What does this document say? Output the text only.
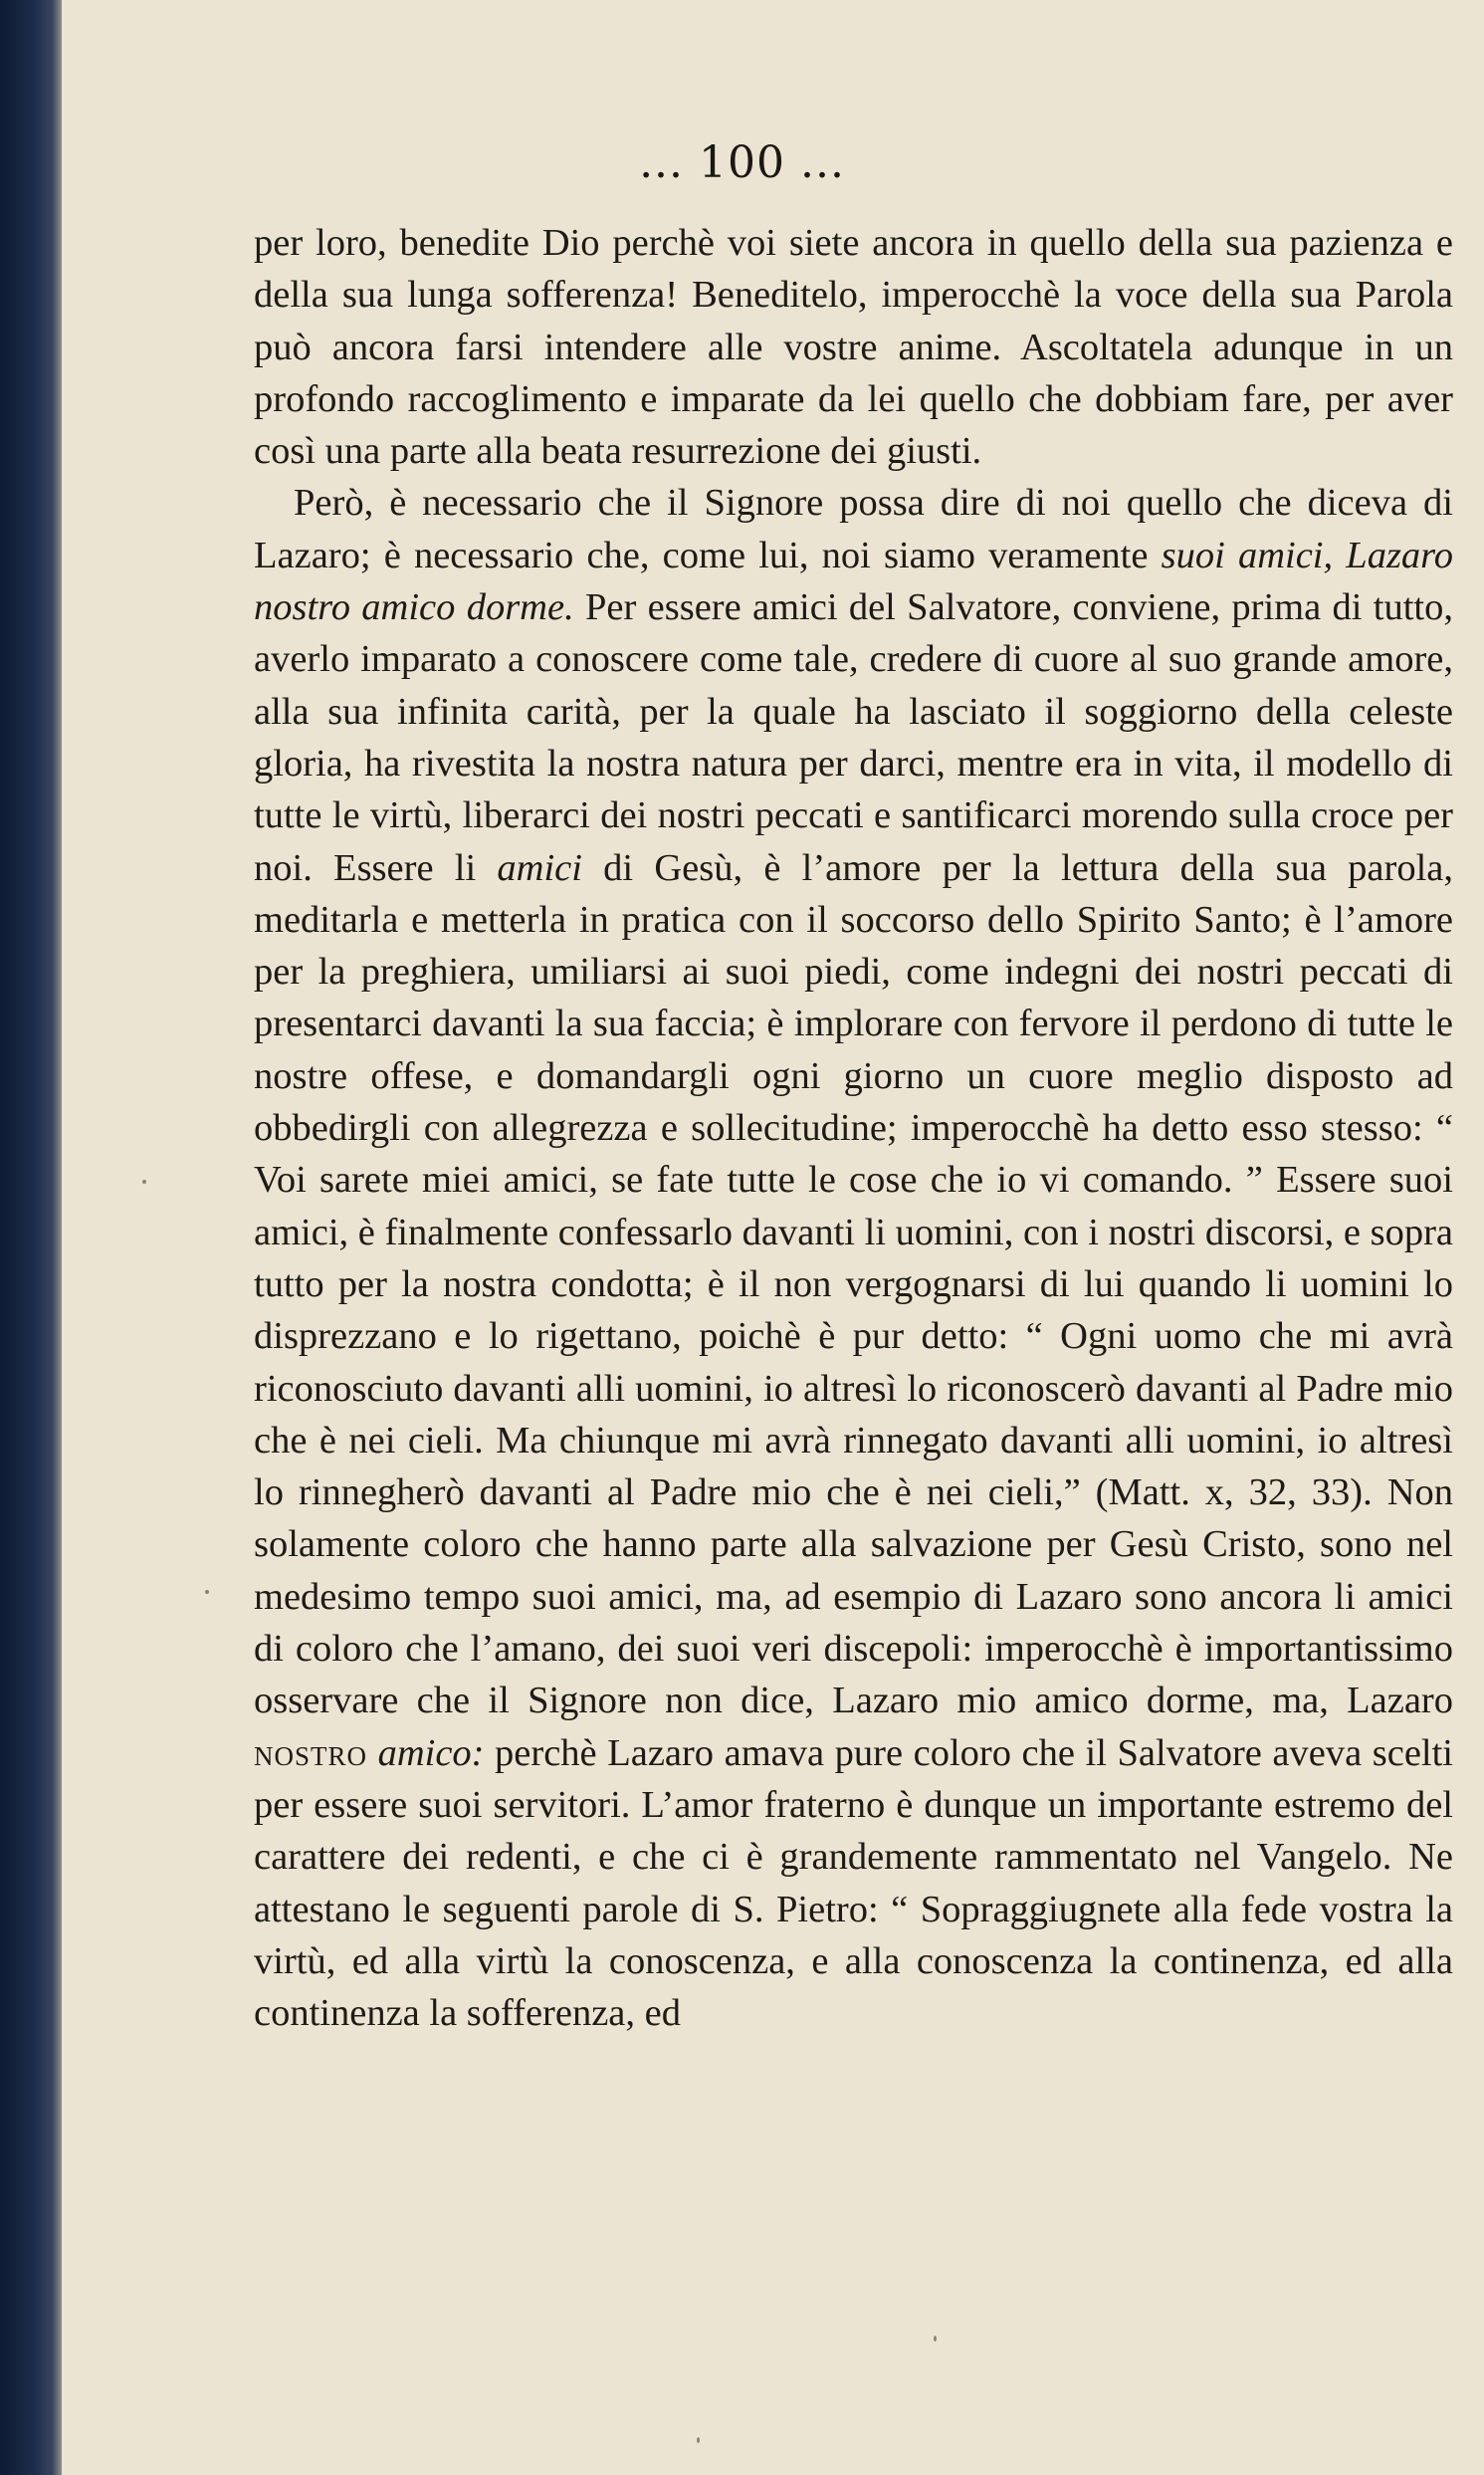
... 100 ...

per loro, benedite Dio perchè voi siete ancora in quello della sua pazienza e della sua lunga sofferenza! Beneditelo, imperocchè la voce della sua Parola può ancora farsi intendere alle vostre anime. Ascoltatela adunque in un profondo raccoglimento e imparate da lei quello che dobbiam fare, per aver così una parte alla beata resurrezione dei giusti.

Però, è necessario che il Signore possa dire di noi quello che diceva di Lazaro; è necessario che, come lui, noi siamo veramente suoi amici, Lazaro nostro amico dorme. Per essere amici del Salvatore, conviene, prima di tutto, averlo imparato a conoscere come tale, credere di cuore al suo grande amore, alla sua infinita carità, per la quale ha lasciato il soggiorno della celeste gloria, ha rivestita la nostra natura per darci, mentre era in vita, il modello di tutte le virtù, liberarci dei nostri peccati e santificarci morendo sulla croce per noi. Essere li amici di Gesù, è l’amore per la lettura della sua parola, meditarla e metterla in pratica con il soccorso dello Spirito Santo; è l’amore per la preghiera, umiliarsi ai suoi piedi, come indegni dei nostri peccati di presentarci davanti la sua faccia; è implorare con fervore il perdono di tutte le nostre offese, e domandargli ogni giorno un cuore meglio disposto ad obbedirgli con allegrezza e sollecitudine; imperocchè ha detto esso stesso: “ Voi sarete miei amici, se fate tutte le cose che io vi comando. ” Essere suoi amici, è finalmente confessarlo davanti li uomini, con i nostri discorsi, e sopra tutto per la nostra condotta; è il non vergognarsi di lui quando li uomini lo disprezzano e lo rigettano, poichè è pur detto: “ Ogni uomo che mi avrà riconosciuto davanti alli uomini, io altresì lo riconoscerò davanti al Padre mio che è nei cieli. Ma chiunque mi avrà rinnegato davanti alli uomini, io altresì lo rinnegherò davanti al Padre mio che è nei cieli,” (Matt. x, 32, 33). Non solamente coloro che hanno parte alla salvazione per Gesù Cristo, sono nel medesimo tempo suoi amici, ma, ad esempio di Lazaro sono ancora li amici di coloro che l’amano, dei suoi veri discepoli: imperocchè è importantissimo osservare che il Signore non dice, Lazaro mio amico dorme, ma, Lazaro nostro amico: perchè Lazaro amava pure coloro che il Salvatore aveva scelti per essere suoi servitori. L’amor fraterno è dunque un importante estremo del carattere dei redenti, e che ci è grandemente rammentato nel Vangelo. Ne attestano le seguenti parole di S. Pietro: “ Sopraggiugnete alla fede vostra la virtù, ed alla virtù la conoscenza, e alla conoscenza la continenza, ed alla continenza la sofferenza, ed
